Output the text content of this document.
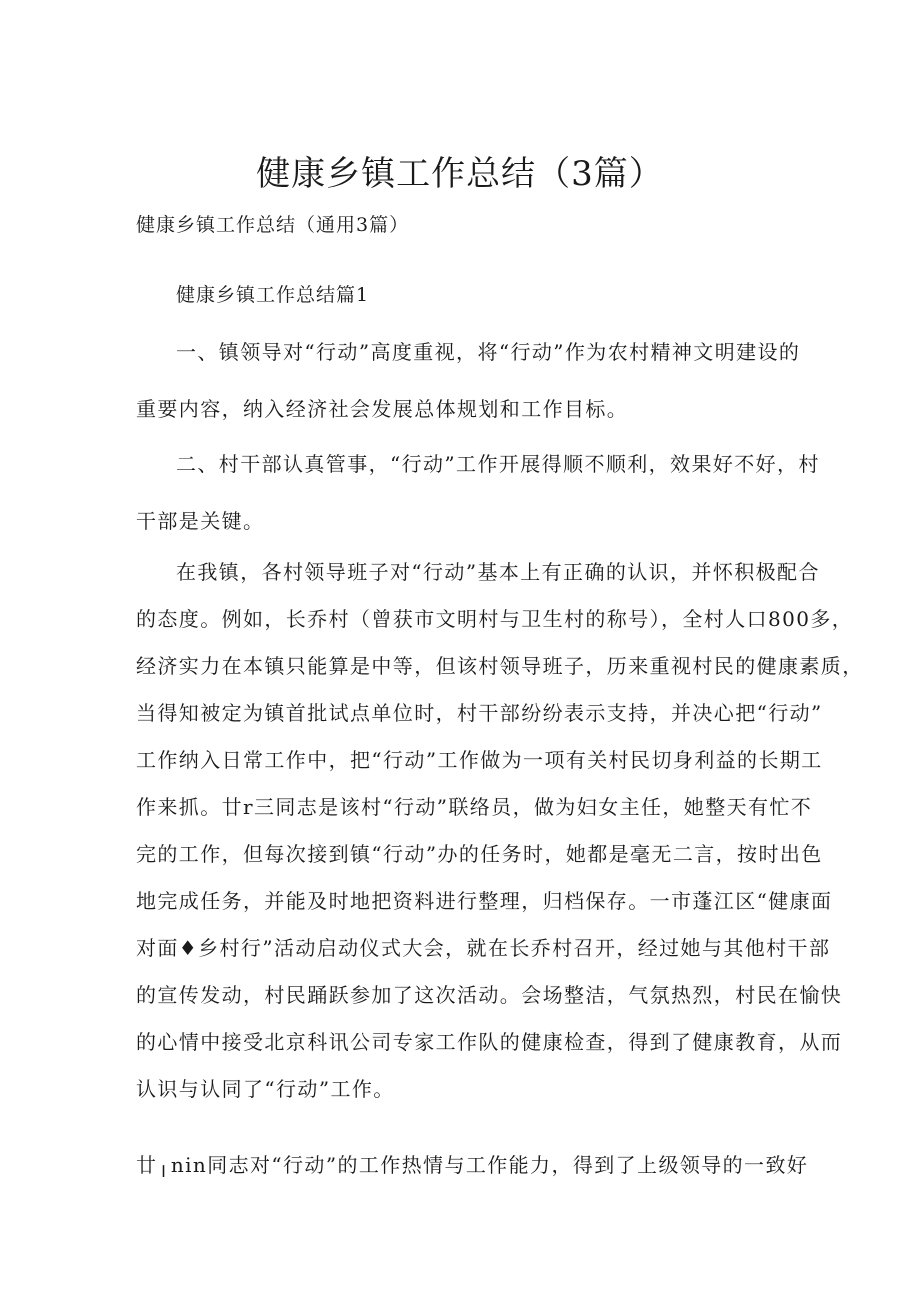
健康乡镇工作总结（3篇）
健康乡镇工作总结（通用3篇）
健康乡镇工作总结篇1
一、镇领导对“行动”高度重视，将“行动”作为农村精神文明建设的
重要内容，纳入经济社会发展总体规划和工作目标。
二、村干部认真管事，“行动”工作开展得顺不顺利，效果好不好，村
干部是关键。
在我镇，各村领导班子对“行动”基本上有正确的认识，并怀积极配合
的态度。例如，长乔村（曾获市文明村与卫生村的称号），全村人口800多，
经济实力在本镇只能算是中等，但该村领导班子，历来重视村民的健康素质，
当得知被定为镇首批试点单位时，村干部纷纷表示支持，并决心把“行动”
工作纳入日常工作中，把“行动”工作做为一项有关村民切身利益的长期工
作来抓。廿r三同志是该村“行动”联络员，做为妇女主任，她整天有忙不
完的工作，但每次接到镇“行动”办的任务时，她都是毫无二言，按时出色
地完成任务，并能及时地把资料进行整理，归档保存。一市蓬江区“健康面
对面♦乡村行”活动启动仪式大会，就在长乔村召开，经过她与其他村干部
的宣传发动，村民踊跃参加了这次活动。会场整洁，气氛热烈，村民在愉快
的心情中接受北京科讯公司专家工作队的健康检查，得到了健康教育，从而
认识与认同了“行动”工作。
廿╷nin同志对“行动”的工作热情与工作能力，得到了上级领导的一致好
